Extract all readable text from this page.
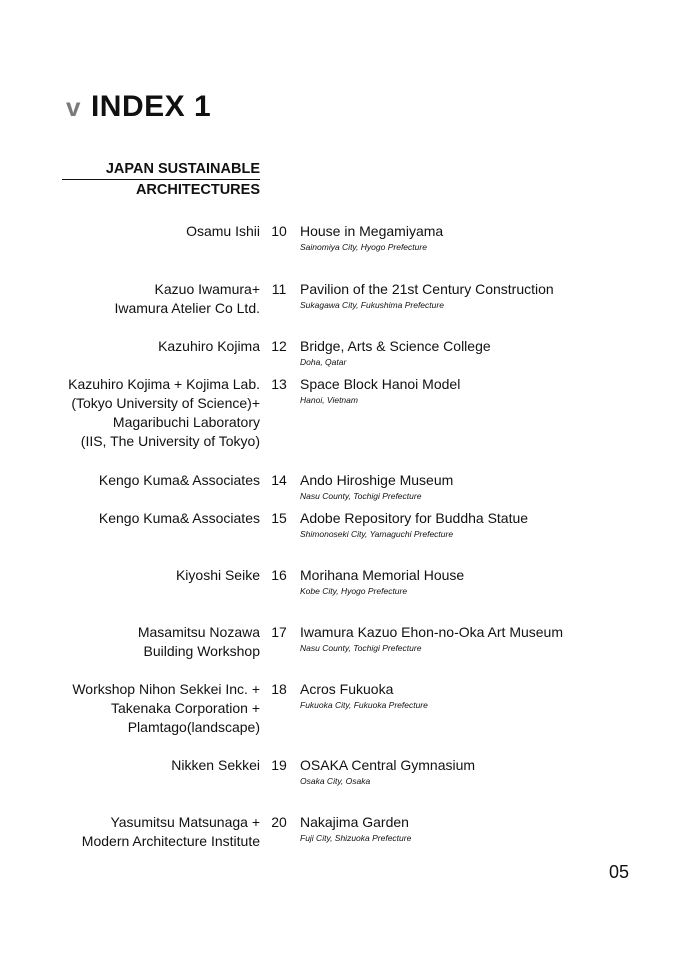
v INDEX 1
JAPAN SUSTAINABLE
ARCHITECTURES
Osamu Ishii 10 House in Megamiyama
Sainomiya City, Hyogo Prefecture
Kazuo Iwamura+
Iwamura Atelier Co Ltd.
11 Pavilion of the 21st Century Construction
Sukagawa City, Fukushima Prefecture
Kazuhiro Kojima 12 Bridge, Arts & Science College
Doha, Qatar
Kazuhiro Kojima + Kojima Lab.
(Tokyo University of Science)+
Magaribuchi Laboratory
(IIS, The University of Tokyo)
13 Space Block Hanoi Model
Hanoi, Vietnam
Kengo Kuma& Associates 14 Ando Hiroshige Museum
Nasu County, Tochigi Prefecture
Kengo Kuma& Associates 15 Adobe Repository for Buddha Statue
Shimonoseki City, Yamaguchi Prefecture
Kiyoshi Seike 16 Morihana Memorial House
Kobe City, Hyogo Prefecture
Masamitsu Nozawa
Building Workshop
17 Iwamura Kazuo Ehon-no-Oka Art Museum
Nasu County, Tochigi Prefecture
Workshop Nihon Sekkei Inc. +
Takenaka Corporation +
Plamtago(landscape)
18 Acros Fukuoka
Fukuoka City, Fukuoka Prefecture
Nikken Sekkei 19 OSAKA Central Gymnasium
Osaka City, Osaka
Yasumitsu Matsunaga +
Modern Architecture Institute
20 Nakajima Garden
Fuji City, Shizuoka Prefecture
05
